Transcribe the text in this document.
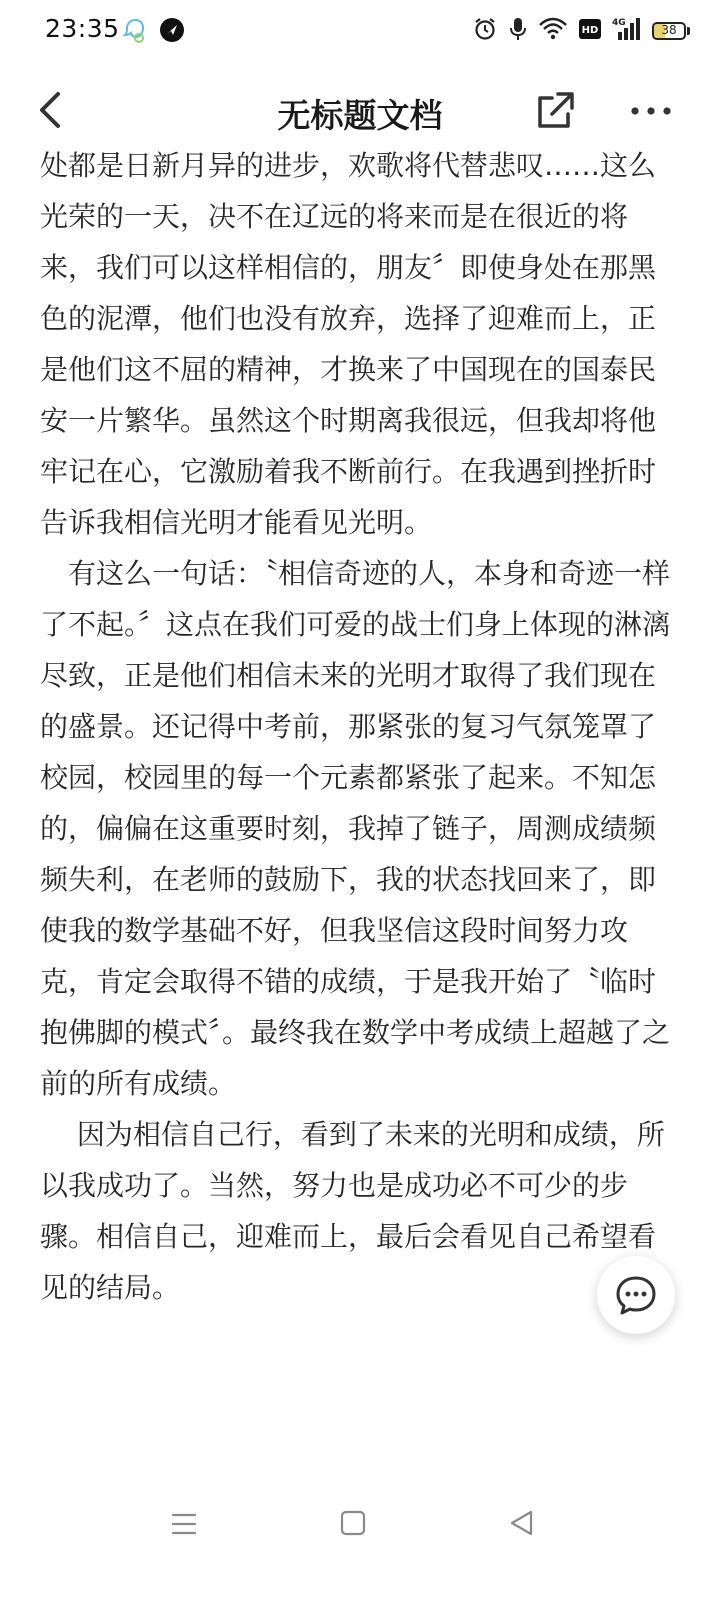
23:35	HD
4G	38
无标题文档

处都是日新月异的进步，欢歌将代替悲叹……这么光荣的一天，决不在辽远的将来而是在很近的将来，我们可以这样相信的，朋友〞即使身处在那黑色的泥潭，他们也没有放弃，选择了迎难而上，正是他们这不屈的精神，才换来了中国现在的国泰民安一片繁华。虽然这个时期离我很远，但我却将他牢记在心，它激励着我不断前行。在我遇到挫折时告诉我相信光明才能看见光明。

　有这么一句话：〝相信奇迹的人，本身和奇迹一样了不起。〞这点在我们可爱的战士们身上体现的淋漓尽致，正是他们相信未来的光明才取得了我们现在的盛景。还记得中考前，那紧张的复习气氛笼罩了校园，校园里的每一个元素都紧张了起来。不知怎的，偏偏在这重要时刻，我掉了链子，周测成绩频频失利，在老师的鼓励下，我的状态找回来了，即使我的数学基础不好，但我坚信这段时间努力攻克，肯定会取得不错的成绩，于是我开始了〝临时抱佛脚的模式〞。最终我在数学中考成绩上超越了之前的所有成绩。

　 因为相信自己行，看到了未来的光明和成绩，所以我成功了。当然，努力也是成功必不可少的步骤。相信自己，迎难而上，最后会看见自己希望看见的结局。
